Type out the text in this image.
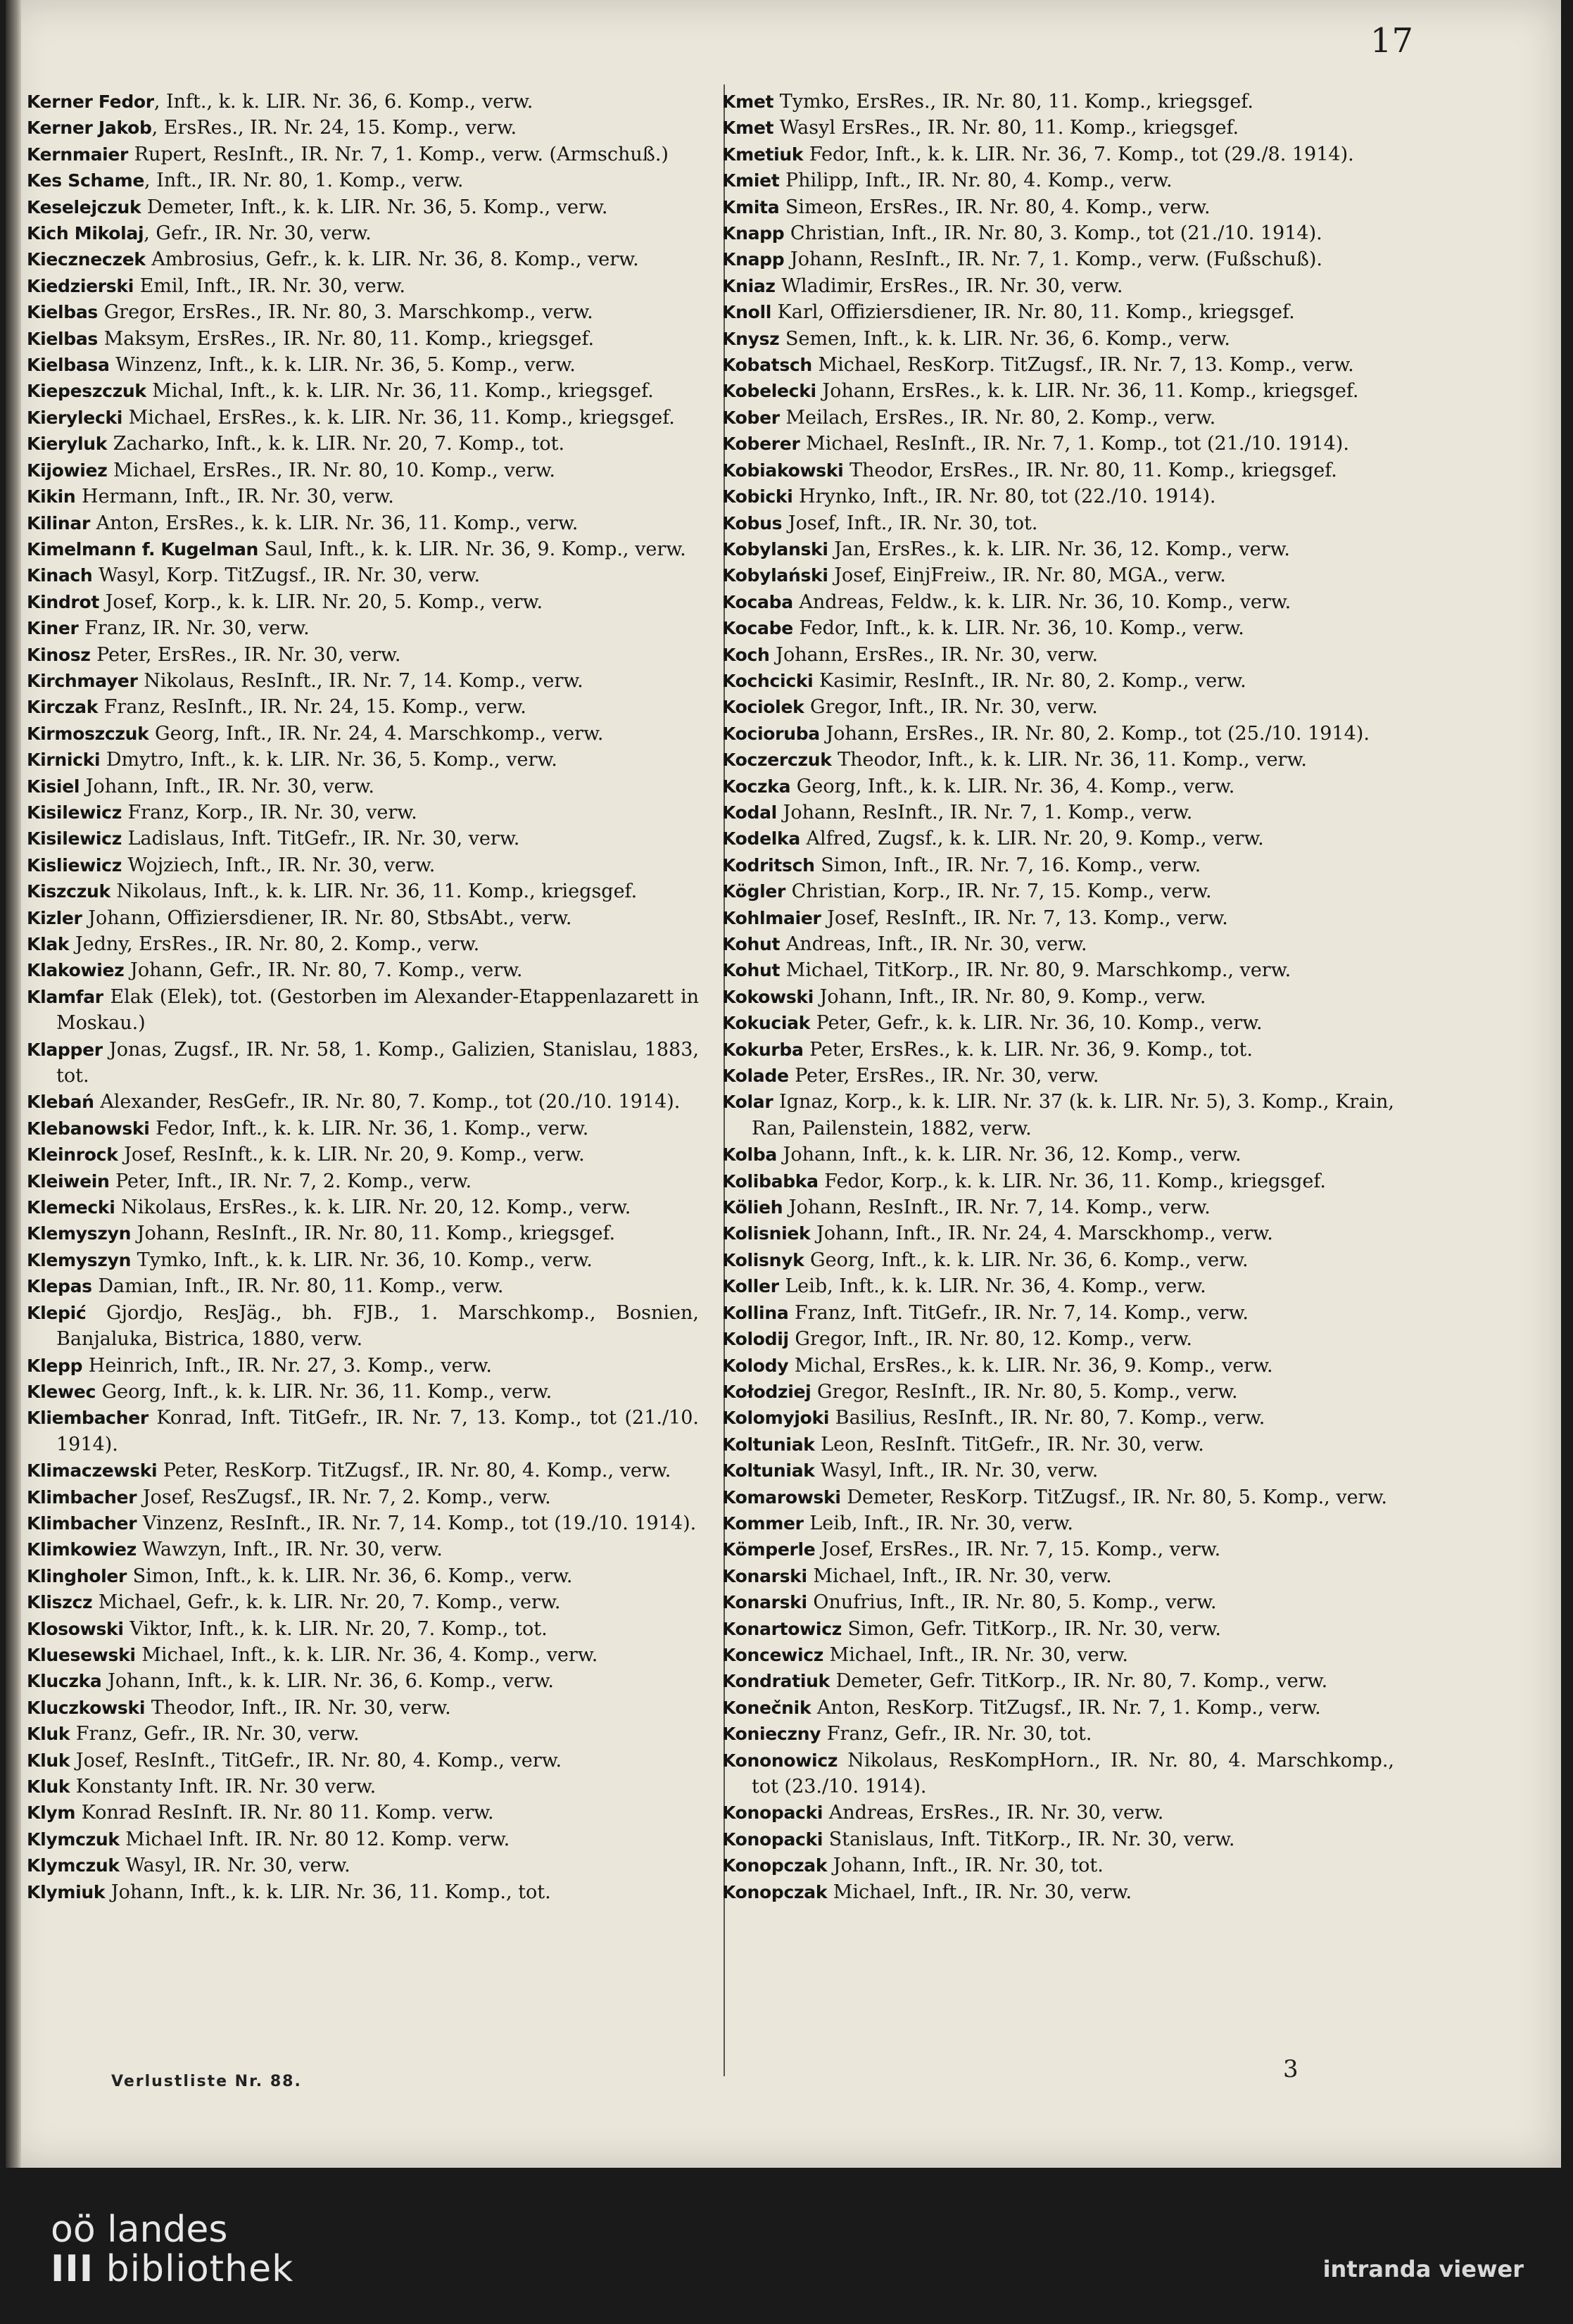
17

Kerner Fedor, Inft., k. k. LIR. Nr. 36, 6. Komp., verw.

Kerner Jakob, ErsRes., IR. Nr. 24, 15. Komp., verw.

Kernmaier Rupert, ResInft., IR. Nr. 7, 1. Komp., verw. (Armschuß.)

Kes Schame, Inft., IR. Nr. 80, 1. Komp., verw.

Keselejczuk Demeter, Inft., k. k. LIR. Nr. 36, 5. Komp., verw.

Kich Mikolaj, Gefr., IR. Nr. 30, verw.

Kieczneczek Ambrosius, Gefr., k. k. LIR. Nr. 36, 8. Komp., verw.

Kiedzierski Emil, Inft., IR. Nr. 30, verw.

Kielbas Gregor, ErsRes., IR. Nr. 80, 3. Marschkomp., verw.

Kielbas Maksym, ErsRes., IR. Nr. 80, 11. Komp., kriegsgef.

Kielbasa Winzenz, Inft., k. k. LIR. Nr. 36, 5. Komp., verw.

Kiepeszczuk Michal, Inft., k. k. LIR. Nr. 36, 11. Komp., kriegsgef.

Kierylecki Michael, ErsRes., k. k. LIR. Nr. 36, 11. Komp., kriegsgef.

Kieryluk Zacharko, Inft., k. k. LIR. Nr. 20, 7. Komp., tot.

Kijowiez Michael, ErsRes., IR. Nr. 80, 10. Komp., verw.

Kikin Hermann, Inft., IR. Nr. 30, verw.

Kilinar Anton, ErsRes., k. k. LIR. Nr. 36, 11. Komp., verw.

Kimelmann f. Kugelman Saul, Inft., k. k. LIR. Nr. 36, 9. Komp., verw.

Kinach Wasyl, Korp. TitZugsf., IR. Nr. 30, verw.

Kindrot Josef, Korp., k. k. LIR. Nr. 20, 5. Komp., verw.

Kiner Franz, IR. Nr. 30, verw.

Kinosz Peter, ErsRes., IR. Nr. 30, verw.

Kirchmayer Nikolaus, ResInft., IR. Nr. 7, 14. Komp., verw.

Kirczak Franz, ResInft., IR. Nr. 24, 15. Komp., verw.

Kirmoszczuk Georg, Inft., IR. Nr. 24, 4. Marschkomp., verw.

Kirnicki Dmytro, Inft., k. k. LIR. Nr. 36, 5. Komp., verw.

Kisiel Johann, Inft., IR. Nr. 30, verw.

Kisilewicz Franz, Korp., IR. Nr. 30, verw.

Kisilewicz Ladislaus, Inft. TitGefr., IR. Nr. 30, verw.

Kisliewicz Wojziech, Inft., IR. Nr. 30, verw.

Kiszczuk Nikolaus, Inft., k. k. LIR. Nr. 36, 11. Komp., kriegsgef.

Kizler Johann, Offiziersdiener, IR. Nr. 80, StbsAbt., verw.

Klak Jedny, ErsRes., IR. Nr. 80, 2. Komp., verw.

Klakowiez Johann, Gefr., IR. Nr. 80, 7. Komp., verw.

Klamfar Elak (Elek), tot. (Gestorben im Alexander-Etappenlazarett in Moskau.)

Klapper Jonas, Zugsf., IR. Nr. 58, 1. Komp., Galizien, Stanislau, 1883, tot.

Klebań Alexander, ResGefr., IR. Nr. 80, 7. Komp., tot (20./10. 1914).

Klebanowski Fedor, Inft., k. k. LIR. Nr. 36, 1. Komp., verw.

Kleinrock Josef, ResInft., k. k. LIR. Nr. 20, 9. Komp., verw.

Kleiwein Peter, Inft., IR. Nr. 7, 2. Komp., verw.

Klemecki Nikolaus, ErsRes., k. k. LIR. Nr. 20, 12. Komp., verw.

Klemyszyn Johann, ResInft., IR. Nr. 80, 11. Komp., kriegsgef.

Klemyszyn Tymko, Inft., k. k. LIR. Nr. 36, 10. Komp., verw.

Klepas Damian, Inft., IR. Nr. 80, 11. Komp., verw.

Klepić Gjordjo, ResJäg., bh. FJB., 1. Marschkomp., Bosnien, Banjaluka, Bistrica, 1880, verw.

Klepp Heinrich, Inft., IR. Nr. 27, 3. Komp., verw.

Klewec Georg, Inft., k. k. LIR. Nr. 36, 11. Komp., verw.

Kliembacher Konrad, Inft. TitGefr., IR. Nr. 7, 13. Komp., tot (21./10. 1914).

Klimaczewski Peter, ResKorp. TitZugsf., IR. Nr. 80, 4. Komp., verw.

Klimbacher Josef, ResZugsf., IR. Nr. 7, 2. Komp., verw.

Klimbacher Vinzenz, ResInft., IR. Nr. 7, 14. Komp., tot (19./10. 1914).

Klimkowiez Wawzyn, Inft., IR. Nr. 30, verw.

Klingholer Simon, Inft., k. k. LIR. Nr. 36, 6. Komp., verw.

Kliszcz Michael, Gefr., k. k. LIR. Nr. 20, 7. Komp., verw.

Klosowski Viktor, Inft., k. k. LIR. Nr. 20, 7. Komp., tot.

Kluesewski Michael, Inft., k. k. LIR. Nr. 36, 4. Komp., verw.

Kluczka Johann, Inft., k. k. LIR. Nr. 36, 6. Komp., verw.

Kluczkowski Theodor, Inft., IR. Nr. 30, verw.

Kluk Franz, Gefr., IR. Nr. 30, verw.

Kluk Josef, ResInft., TitGefr., IR. Nr. 80, 4. Komp., verw.

Kluk Konstanty Inft. IR. Nr. 30 verw.

Klym Konrad ResInft. IR. Nr. 80 11. Komp. verw.

Klymczuk Michael Inft. IR. Nr. 80 12. Komp. verw.

Klymczuk Wasyl, IR. Nr. 30, verw.

Klymiuk Johann, Inft., k. k. LIR. Nr. 36, 11. Komp., tot.

Kmet Tymko, ErsRes., IR. Nr. 80, 11. Komp., kriegsgef.

Kmet Wasyl ErsRes., IR. Nr. 80, 11. Komp., kriegsgef.

Kmetiuk Fedor, Inft., k. k. LIR. Nr. 36, 7. Komp., tot (29./8. 1914).

Kmiet Philipp, Inft., IR. Nr. 80, 4. Komp., verw.

Kmita Simeon, ErsRes., IR. Nr. 80, 4. Komp., verw.

Knapp Christian, Inft., IR. Nr. 80, 3. Komp., tot (21./10. 1914).

Knapp Johann, ResInft., IR. Nr. 7, 1. Komp., verw. (Fußschuß).

Kniaz Wladimir, ErsRes., IR. Nr. 30, verw.

Knoll Karl, Offiziersdiener, IR. Nr. 80, 11. Komp., kriegsgef.

Knysz Semen, Inft., k. k. LIR. Nr. 36, 6. Komp., verw.

Kobatsch Michael, ResKorp. TitZugsf., IR. Nr. 7, 13. Komp., verw.

Kobelecki Johann, ErsRes., k. k. LIR. Nr. 36, 11. Komp., kriegsgef.

Kober Meilach, ErsRes., IR. Nr. 80, 2. Komp., verw.

Koberer Michael, ResInft., IR. Nr. 7, 1. Komp., tot (21./10. 1914).

Kobiakowski Theodor, ErsRes., IR. Nr. 80, 11. Komp., kriegsgef.

Kobicki Hrynko, Inft., IR. Nr. 80, tot (22./10. 1914).

Kobus Josef, Inft., IR. Nr. 30, tot.

Kobylanski Jan, ErsRes., k. k. LIR. Nr. 36, 12. Komp., verw.

Kobylański Josef, EinjFreiw., IR. Nr. 80, MGA., verw.

Kocaba Andreas, Feldw., k. k. LIR. Nr. 36, 10. Komp., verw.

Kocabe Fedor, Inft., k. k. LIR. Nr. 36, 10. Komp., verw.

Koch Johann, ErsRes., IR. Nr. 30, verw.

Kochcicki Kasimir, ResInft., IR. Nr. 80, 2. Komp., verw.

Kociolek Gregor, Inft., IR. Nr. 30, verw.

Kocioruba Johann, ErsRes., IR. Nr. 80, 2. Komp., tot (25./10. 1914).

Koczerczuk Theodor, Inft., k. k. LIR. Nr. 36, 11. Komp., verw.

Koczka Georg, Inft., k. k. LIR. Nr. 36, 4. Komp., verw.

Kodal Johann, ResInft., IR. Nr. 7, 1. Komp., verw.

Kodelka Alfred, Zugsf., k. k. LIR. Nr. 20, 9. Komp., verw.

Kodritsch Simon, Inft., IR. Nr. 7, 16. Komp., verw.

Kögler Christian, Korp., IR. Nr. 7, 15. Komp., verw.

Kohlmaier Josef, ResInft., IR. Nr. 7, 13. Komp., verw.

Kohut Andreas, Inft., IR. Nr. 30, verw.

Kohut Michael, TitKorp., IR. Nr. 80, 9. Marschkomp., verw.

Kokowski Johann, Inft., IR. Nr. 80, 9. Komp., verw.

Kokuciak Peter, Gefr., k. k. LIR. Nr. 36, 10. Komp., verw.

Kokurba Peter, ErsRes., k. k. LIR. Nr. 36, 9. Komp., tot.

Kolade Peter, ErsRes., IR. Nr. 30, verw.

Kolar Ignaz, Korp., k. k. LIR. Nr. 37 (k. k. LIR. Nr. 5), 3. Komp., Krain, Ran, Pailenstein, 1882, verw.

Kolba Johann, Inft., k. k. LIR. Nr. 36, 12. Komp., verw.

Kolibabka Fedor, Korp., k. k. LIR. Nr. 36, 11. Komp., kriegsgef.

Kölieh Johann, ResInft., IR. Nr. 7, 14. Komp., verw.

Kolisniek Johann, Inft., IR. Nr. 24, 4. Marsckhomp., verw.

Kolisnyk Georg, Inft., k. k. LIR. Nr. 36, 6. Komp., verw.

Koller Leib, Inft., k. k. LIR. Nr. 36, 4. Komp., verw.

Kollina Franz, Inft. TitGefr., IR. Nr. 7, 14. Komp., verw.

Kolodij Gregor, Inft., IR. Nr. 80, 12. Komp., verw.

Kolody Michal, ErsRes., k. k. LIR. Nr. 36, 9. Komp., verw.

Kołodziej Gregor, ResInft., IR. Nr. 80, 5. Komp., verw.

Kolomyjoki Basilius, ResInft., IR. Nr. 80, 7. Komp., verw.

Koltuniak Leon, ResInft. TitGefr., IR. Nr. 30, verw.

Koltuniak Wasyl, Inft., IR. Nr. 30, verw.

Komarowski Demeter, ResKorp. TitZugsf., IR. Nr. 80, 5. Komp., verw.

Kommer Leib, Inft., IR. Nr. 30, verw.

Kömperle Josef, ErsRes., IR. Nr. 7, 15. Komp., verw.

Konarski Michael, Inft., IR. Nr. 30, verw.

Konarski Onufrius, Inft., IR. Nr. 80, 5. Komp., verw.

Konartowicz Simon, Gefr. TitKorp., IR. Nr. 30, verw.

Koncewicz Michael, Inft., IR. Nr. 30, verw.

Kondratiuk Demeter, Gefr. TitKorp., IR. Nr. 80, 7. Komp., verw.

Konečnik Anton, ResKorp. TitZugsf., IR. Nr. 7, 1. Komp., verw.

Konieczny Franz, Gefr., IR. Nr. 30, tot.

Kononowicz Nikolaus, ResKompHorn., IR. Nr. 80, 4. Marschkomp., tot (23./10. 1914).

Konopacki Andreas, ErsRes., IR. Nr. 30, verw.

Konopacki Stanislaus, Inft. TitKorp., IR. Nr. 30, verw.

Konopczak Johann, Inft., IR. Nr. 30, tot.

Konopczak Michael, Inft., IR. Nr. 30, verw.

Verlustliste Nr. 88.	3
oö landes
III bibliothek	intranda viewer
